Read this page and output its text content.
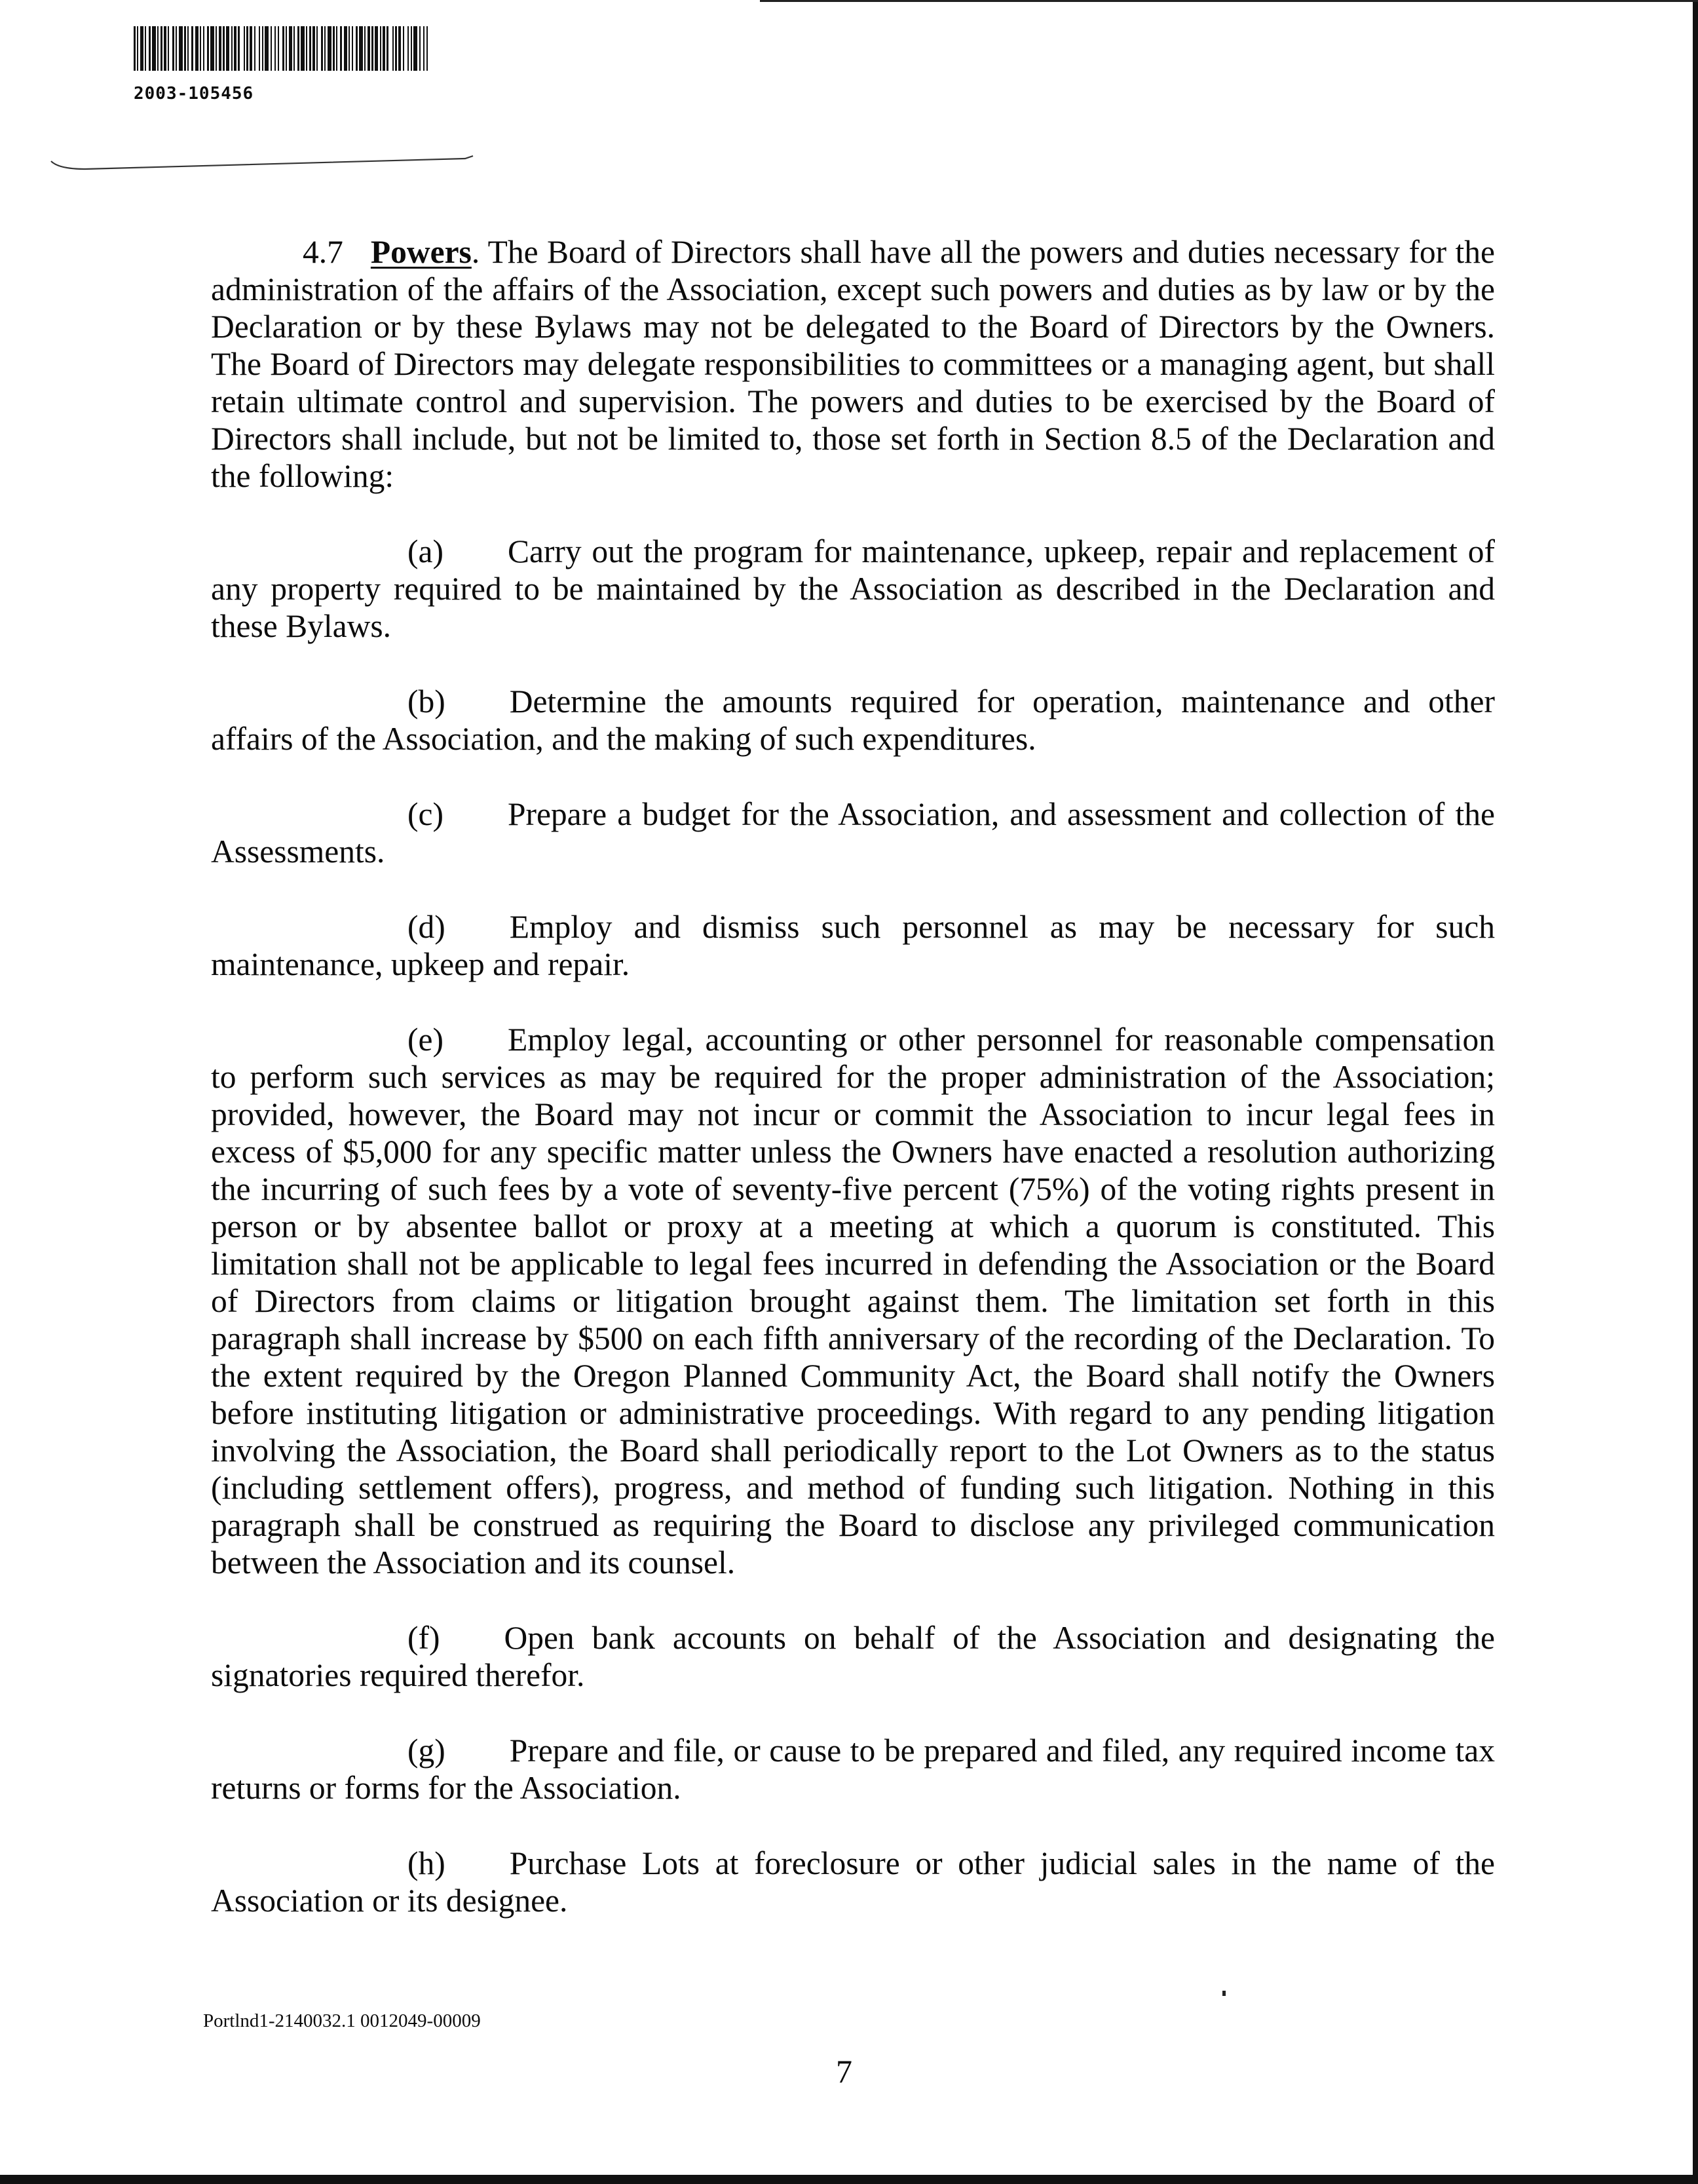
2003-105456

4.7 Powers. The Board of Directors shall have all the powers and duties necessary for the administration of the affairs of the Association, except such powers and duties as by law or by the Declaration or by these Bylaws may not be delegated to the Board of Directors by the Owners. The Board of Directors may delegate responsibilities to committees or a managing agent, but shall retain ultimate control and supervision. The powers and duties to be exercised by the Board of Directors shall include, but not be limited to, those set forth in Section 8.5 of the Declaration and the following:

(a) Carry out the program for maintenance, upkeep, repair and replacement of any property required to be maintained by the Association as described in the Declaration and these Bylaws.

(b) Determine the amounts required for operation, maintenance and other affairs of the Association, and the making of such expenditures.

(c) Prepare a budget for the Association, and assessment and collection of the Assessments.

(d) Employ and dismiss such personnel as may be necessary for such maintenance, upkeep and repair.

(e) Employ legal, accounting or other personnel for reasonable compensation to perform such services as may be required for the proper administration of the Association; provided, however, the Board may not incur or commit the Association to incur legal fees in excess of $5,000 for any specific matter unless the Owners have enacted a resolution authorizing the incurring of such fees by a vote of seventy-five percent (75%) of the voting rights present in person or by absentee ballot or proxy at a meeting at which a quorum is constituted. This limitation shall not be applicable to legal fees incurred in defending the Association or the Board of Directors from claims or litigation brought against them. The limitation set forth in this paragraph shall increase by $500 on each fifth anniversary of the recording of the Declaration. To the extent required by the Oregon Planned Community Act, the Board shall notify the Owners before instituting litigation or administrative proceedings. With regard to any pending litigation involving the Association, the Board shall periodically report to the Lot Owners as to the status (including settlement offers), progress, and method of funding such litigation. Nothing in this paragraph shall be construed as requiring the Board to disclose any privileged communication between the Association and its counsel.

(f) Open bank accounts on behalf of the Association and designating the signatories required therefor.

(g) Prepare and file, or cause to be prepared and filed, any required income tax returns or forms for the Association.

(h) Purchase Lots at foreclosure or other judicial sales in the name of the Association or its designee.

Portlnd1-2140032.1 0012049-00009
7
